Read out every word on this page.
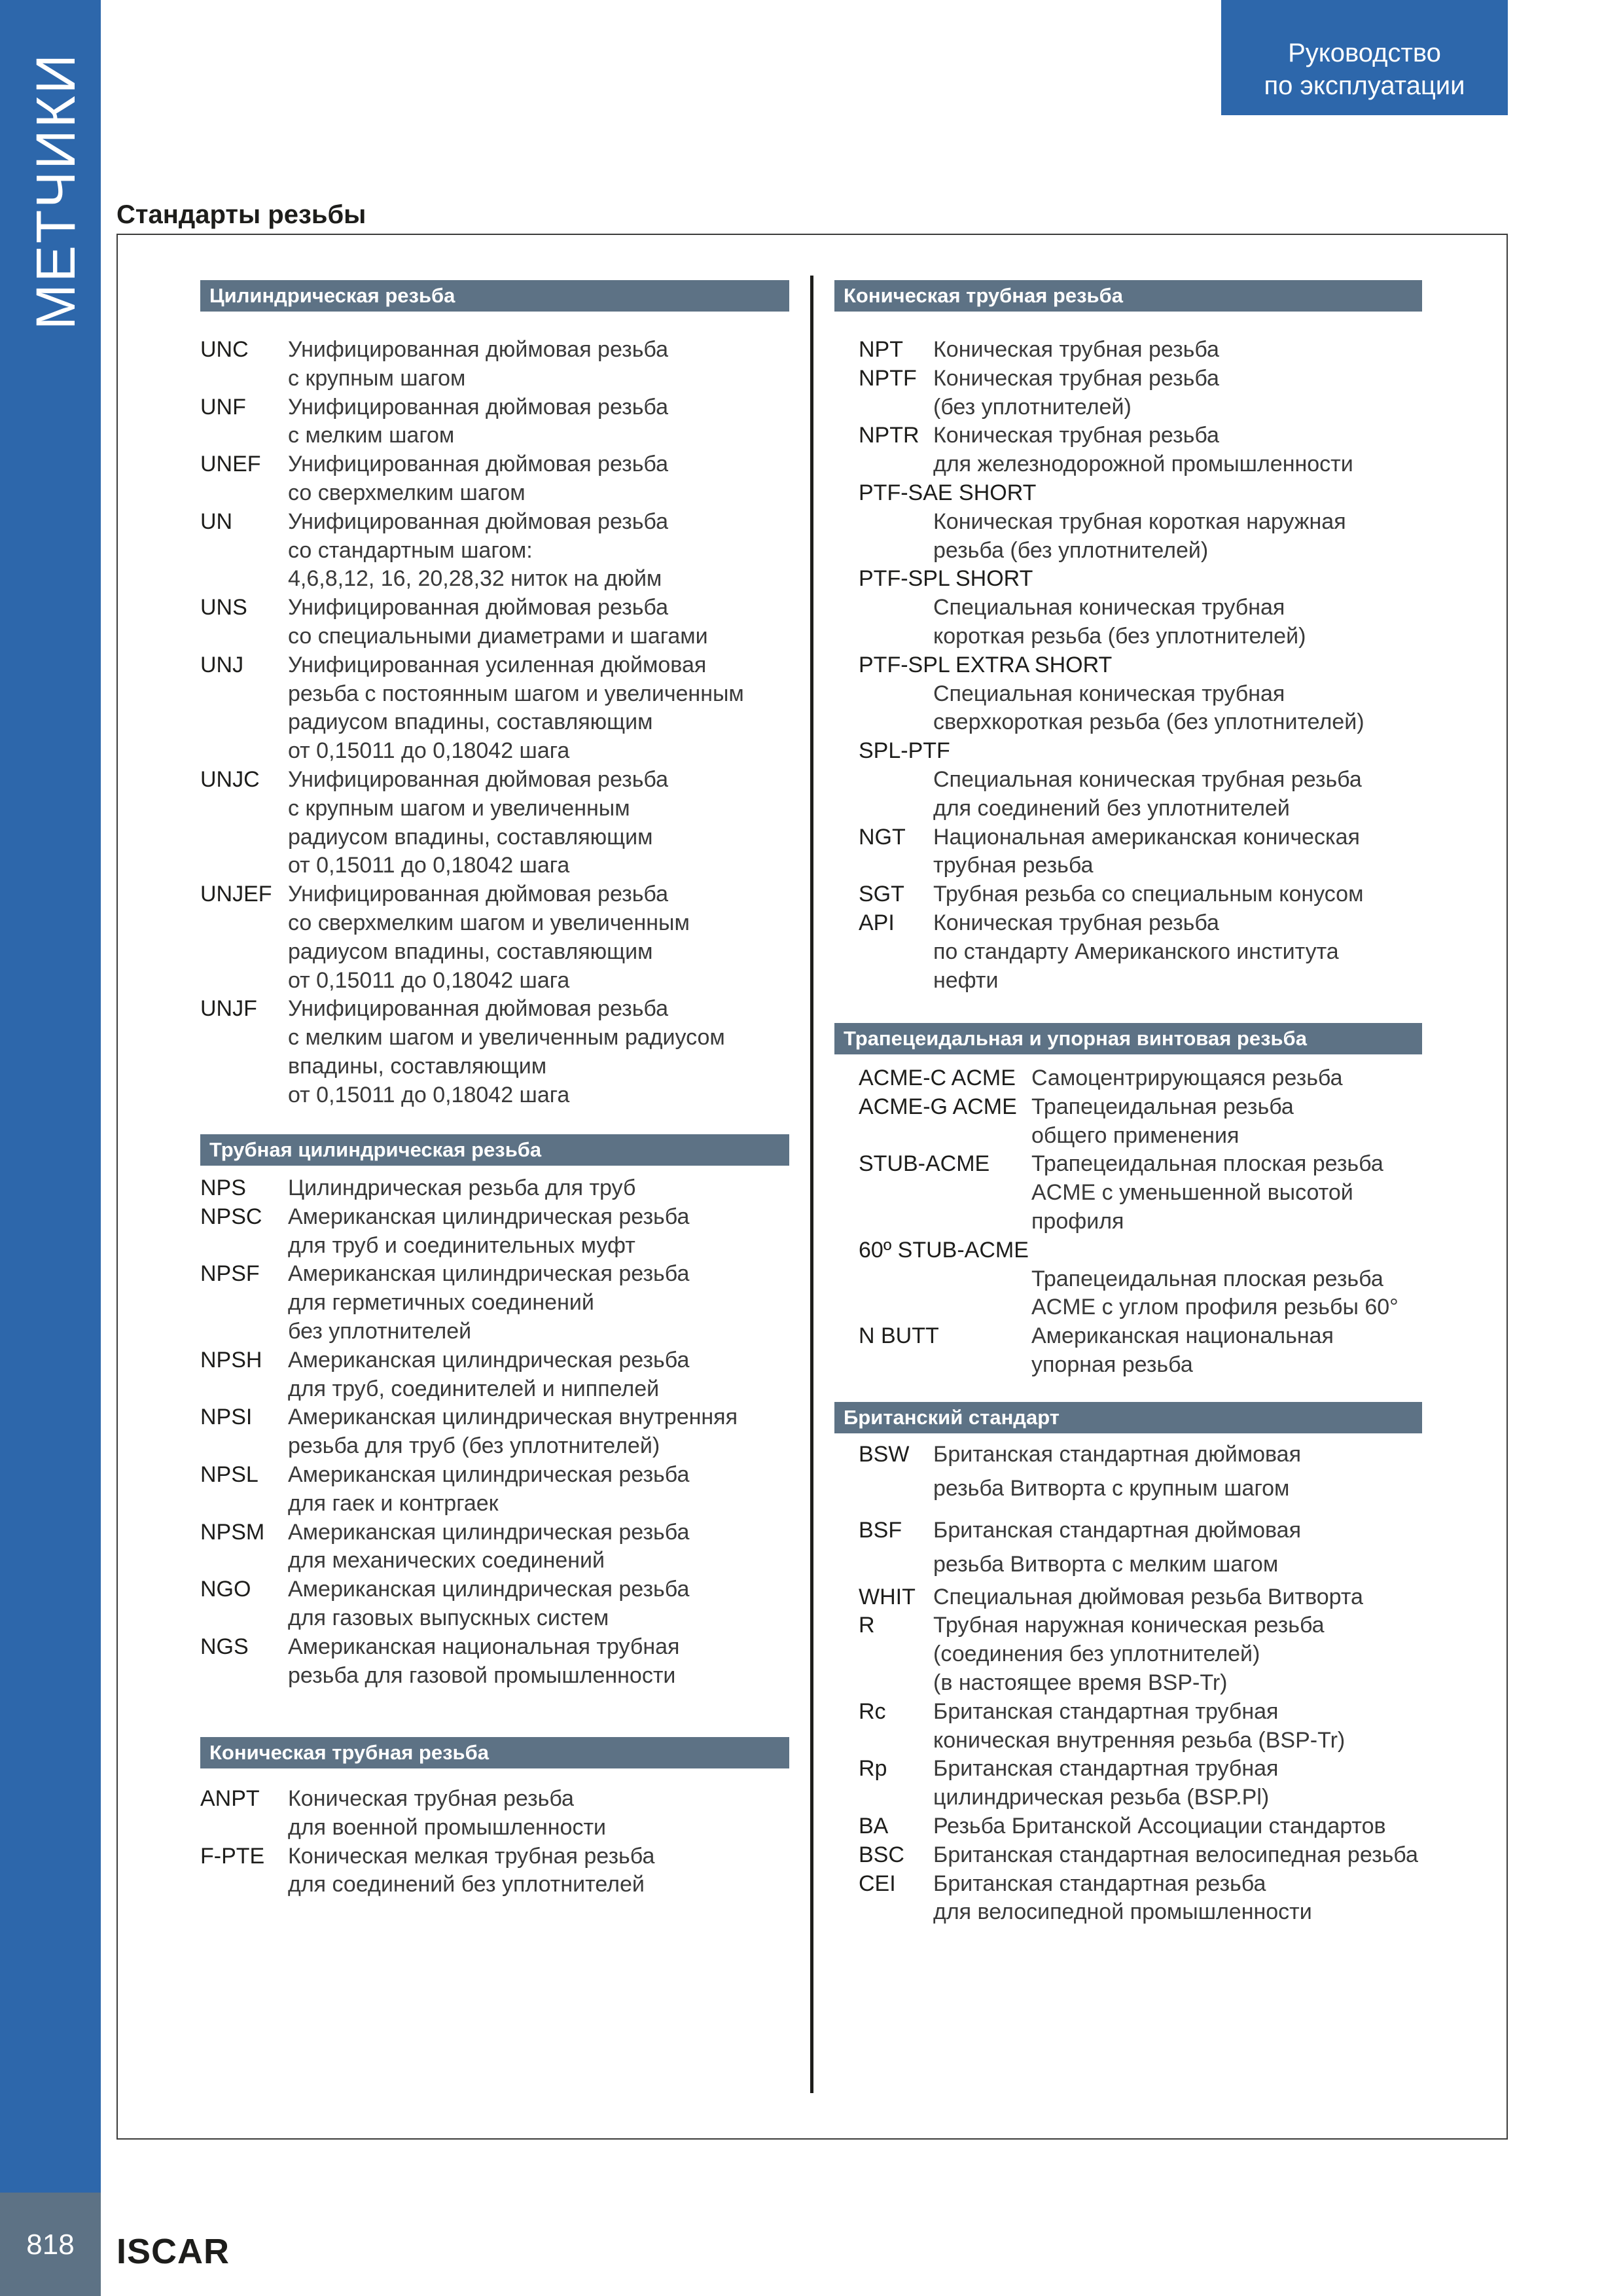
МЕТЧИКИ
818	ISCAR
Руководство
по эксплуатации
Стандарты резьбы
Цилиндрическая резьба
UNC Унифицированная дюймовая резьба
с крупным шагом
UNF Унифицированная дюймовая резьба
с мелким шагом
UNEF Унифицированная дюймовая резьба
со сверхмелким шагом
UN Унифицированная дюймовая резьба
со стандартным шагом:
4,6,8,12, 16, 20,28,32 ниток на дюйм
UNS Унифицированная дюймовая резьба
со специальными диаметрами и шагами
UNJ Унифицированная усиленная дюймовая
резьба с постоянным шагом и увеличенным
радиусом впадины, составляющим
от 0,15011 до 0,18042 шага
UNJC Унифицированная дюймовая резьба
с крупным шагом и увеличенным
радиусом впадины, составляющим
от 0,15011 до 0,18042 шага
UNJEF Унифицированная дюймовая резьба
со сверхмелким шагом и увеличенным
радиусом впадины, составляющим
от 0,15011 до 0,18042 шага
UNJF Унифицированная дюймовая резьба
с мелким шагом и увеличенным радиусом
впадины, составляющим
от 0,15011 до 0,18042 шага
Трубная цилиндрическая резьба
NPS Цилиндрическая резьба для труб
NPSC Американская цилиндрическая резьба
для труб и соединительных муфт
NPSF Американская цилиндрическая резьба
для герметичных соединений
без уплотнителей
NPSH Американская цилиндрическая резьба
для труб, соединителей и ниппелей
NPSI Американская цилиндрическая внутренняя
резьба для труб (без уплотнителей)
NPSL Американская цилиндрическая резьба
для гаек и контргаек
NPSM Американская цилиндрическая резьба
для механических соединений
NGO Американская цилиндрическая резьба
для газовых выпускных систем
NGS Американская национальная трубная
резьба для газовой промышленности
Коническая трубная резьба
ANPT Коническая трубная резьба
для военной промышленности
F-PTE Коническая мелкая трубная резьба
для соединений без уплотнителей
Коническая трубная резьба
NPT Коническая трубная резьба
NPTF Коническая трубная резьба
(без уплотнителей)
NPTR Коническая трубная резьба
для железнодорожной промышленности
PTF-SAE SHORT
Коническая трубная короткая наружная
резьба (без уплотнителей)
PTF-SPL SHORT
Специальная коническая трубная
короткая резьба (без уплотнителей)
PTF-SPL EXTRA SHORT
Специальная коническая трубная
сверхкороткая резьба (без уплотнителей)
SPL-PTF
Специальная коническая трубная резьба
для соединений без уплотнителей
NGT Национальная американская коническая
трубная резьба
SGT Трубная резьба со специальным конусом
API Коническая трубная резьба
по стандарту Американского института
нефти
Трапецеидальная и упорная винтовая резьба
ACME-C ACME Самоцентрирующаяся резьба
ACME-G ACME Трапецеидальная резьба
общего применения
STUB-ACME Трапецеидальная плоская резьба
ACME с уменьшенной высотой
профиля
60º STUB-ACME
Трапецеидальная плоская резьба
ACME с углом профиля резьбы 60°
N BUTT	Американская национальная
упорная резьба
Британский стандарт
BSW Британская стандартная дюймовая
резьба Витворта с крупным шагом
BSF Британская стандартная дюймовая
резьба Витворта с мелким шагом
WHIT Специальная дюймовая резьба Витворта
R	Трубная наружная коническая резьба
(соединения без уплотнителей)
(в настоящее время BSP-Tr)
Rc Британская стандартная трубная
коническая внутренняя резьба (BSP-Tr)
Rp Британская стандартная трубная
цилиндрическая резьба (BSP.Pl)
BA Резьба Британской Ассоциации стандартов
BSC Британская стандартная велосипедная резьба
CEI Британская стандартная резьба
для велосипедной промышленности
